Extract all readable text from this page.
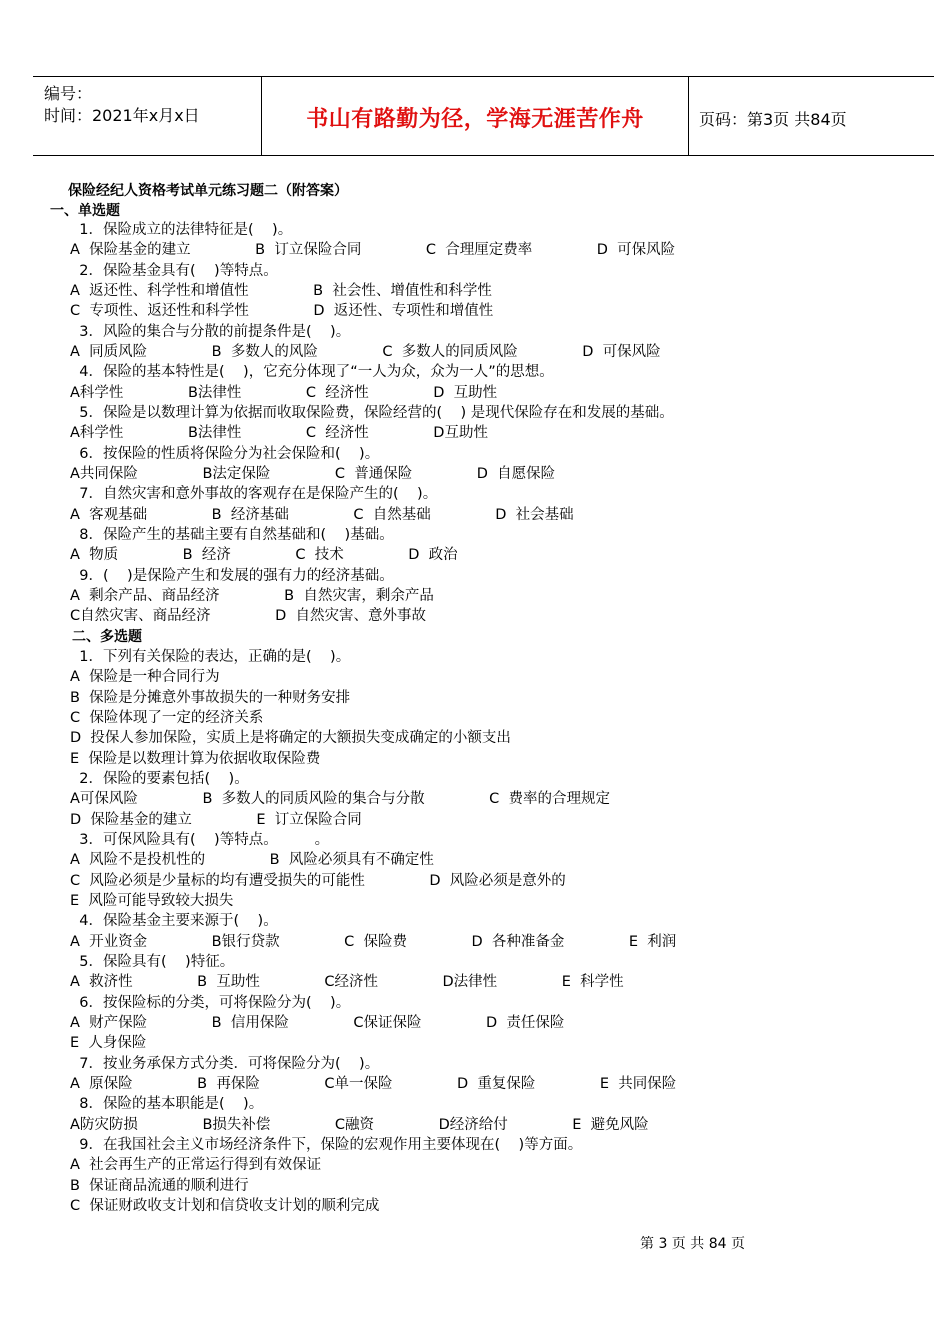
编号：
时间：2021年x月x日	书山有路勤为径，学海无涯苦作舟	页码：第3页 共84页
保险经纪人资格考试单元练习题二（附答案）
一、单选题
二、多选题
1．保险成立的法律特征是(    )。
A  保险基金的建立              B  订立保险合同              C  合理厘定费率              D  可保风险
2．保险基金具有(    )等特点。
A  返还性、科学性和增值性              B  社会性、增值性和科学性
C  专项性、返还性和科学性              D  返还性、专项性和增值性
3．风险的集合与分散的前提条件是(    )。
A  同质风险              B  多数人的风险              C  多数人的同质风险              D  可保风险
4．保险的基本特性是(    )，它充分体现了“一人为众，众为一人”的思想。
A科学性              B法律性              C  经济性              D  互助性
5．保险是以数理计算为依据而收取保险费，保险经营的(    ) 是现代保险存在和发展的基础。
A科学性              B法律性              C  经济性              D互助性
6．按保险的性质将保险分为社会保险和(    )。
A共同保险              B法定保险              C  普通保险              D  自愿保险
7．自然灾害和意外事故的客观存在是保险产生的(    )。
A  客观基础              B  经济基础              C  自然基础              D  社会基础
8．保险产生的基础主要有自然基础和(    )基础。
A  物质              B  经济              C  技术              D  政治
9．(    )是保险产生和发展的强有力的经济基础。
A  剩余产品、商品经济              B  自然灾害，剩余产品
C自然灾害、商品经济              D  自然灾害、意外事故
1．下列有关保险的表达，正确的是(    )。
A  保险是一种合同行为
B  保险是分摊意外事故损失的一种财务安排
C  保险体现了一定的经济关系
D  投保人参加保险，实质上是将确定的大额损失变成确定的小额支出
E  保险是以数理计算为依据收取保险费
2．保险的要素包括(    )。
A可保风险              B  多数人的同质风险的集合与分散              C  费率的合理规定
D  保险基金的建立              E  订立保险合同
3．可保风险具有(    )等特点。        。
A  风险不是投机性的              B  风险必须具有不确定性
C  风险必须是少量标的均有遭受损失的可能性              D  风险必须是意外的
E  风险可能导致较大损失
4．保险基金主要来源于(    )。
A  开业资金              B银行贷款              C  保险费              D  各种准备金              E  利润
5．保险具有(    )特征。
A  救济性              B  互助性              C经济性              D法律性              E  科学性
6．按保险标的分类，可将保险分为(    )。
A  财产保险              B  信用保险              C保证保险              D  责任保险
E  人身保险
7．按业务承保方式分类．可将保险分为(    )。
A  原保险              B  再保险              C单一保险              D  重复保险              E  共同保险
8．保险的基本职能是(    )。
A防灾防损              B损失补偿              C融资              D经济给付              E  避免风险
9．在我国社会主义市场经济条件下，保险的宏观作用主要体现在(    )等方面。
A  社会再生产的正常运行得到有效保证
B  保证商品流通的顺利进行
C  保证财政收支计划和信贷收支计划的顺利完成
第 3 页 共 84 页
